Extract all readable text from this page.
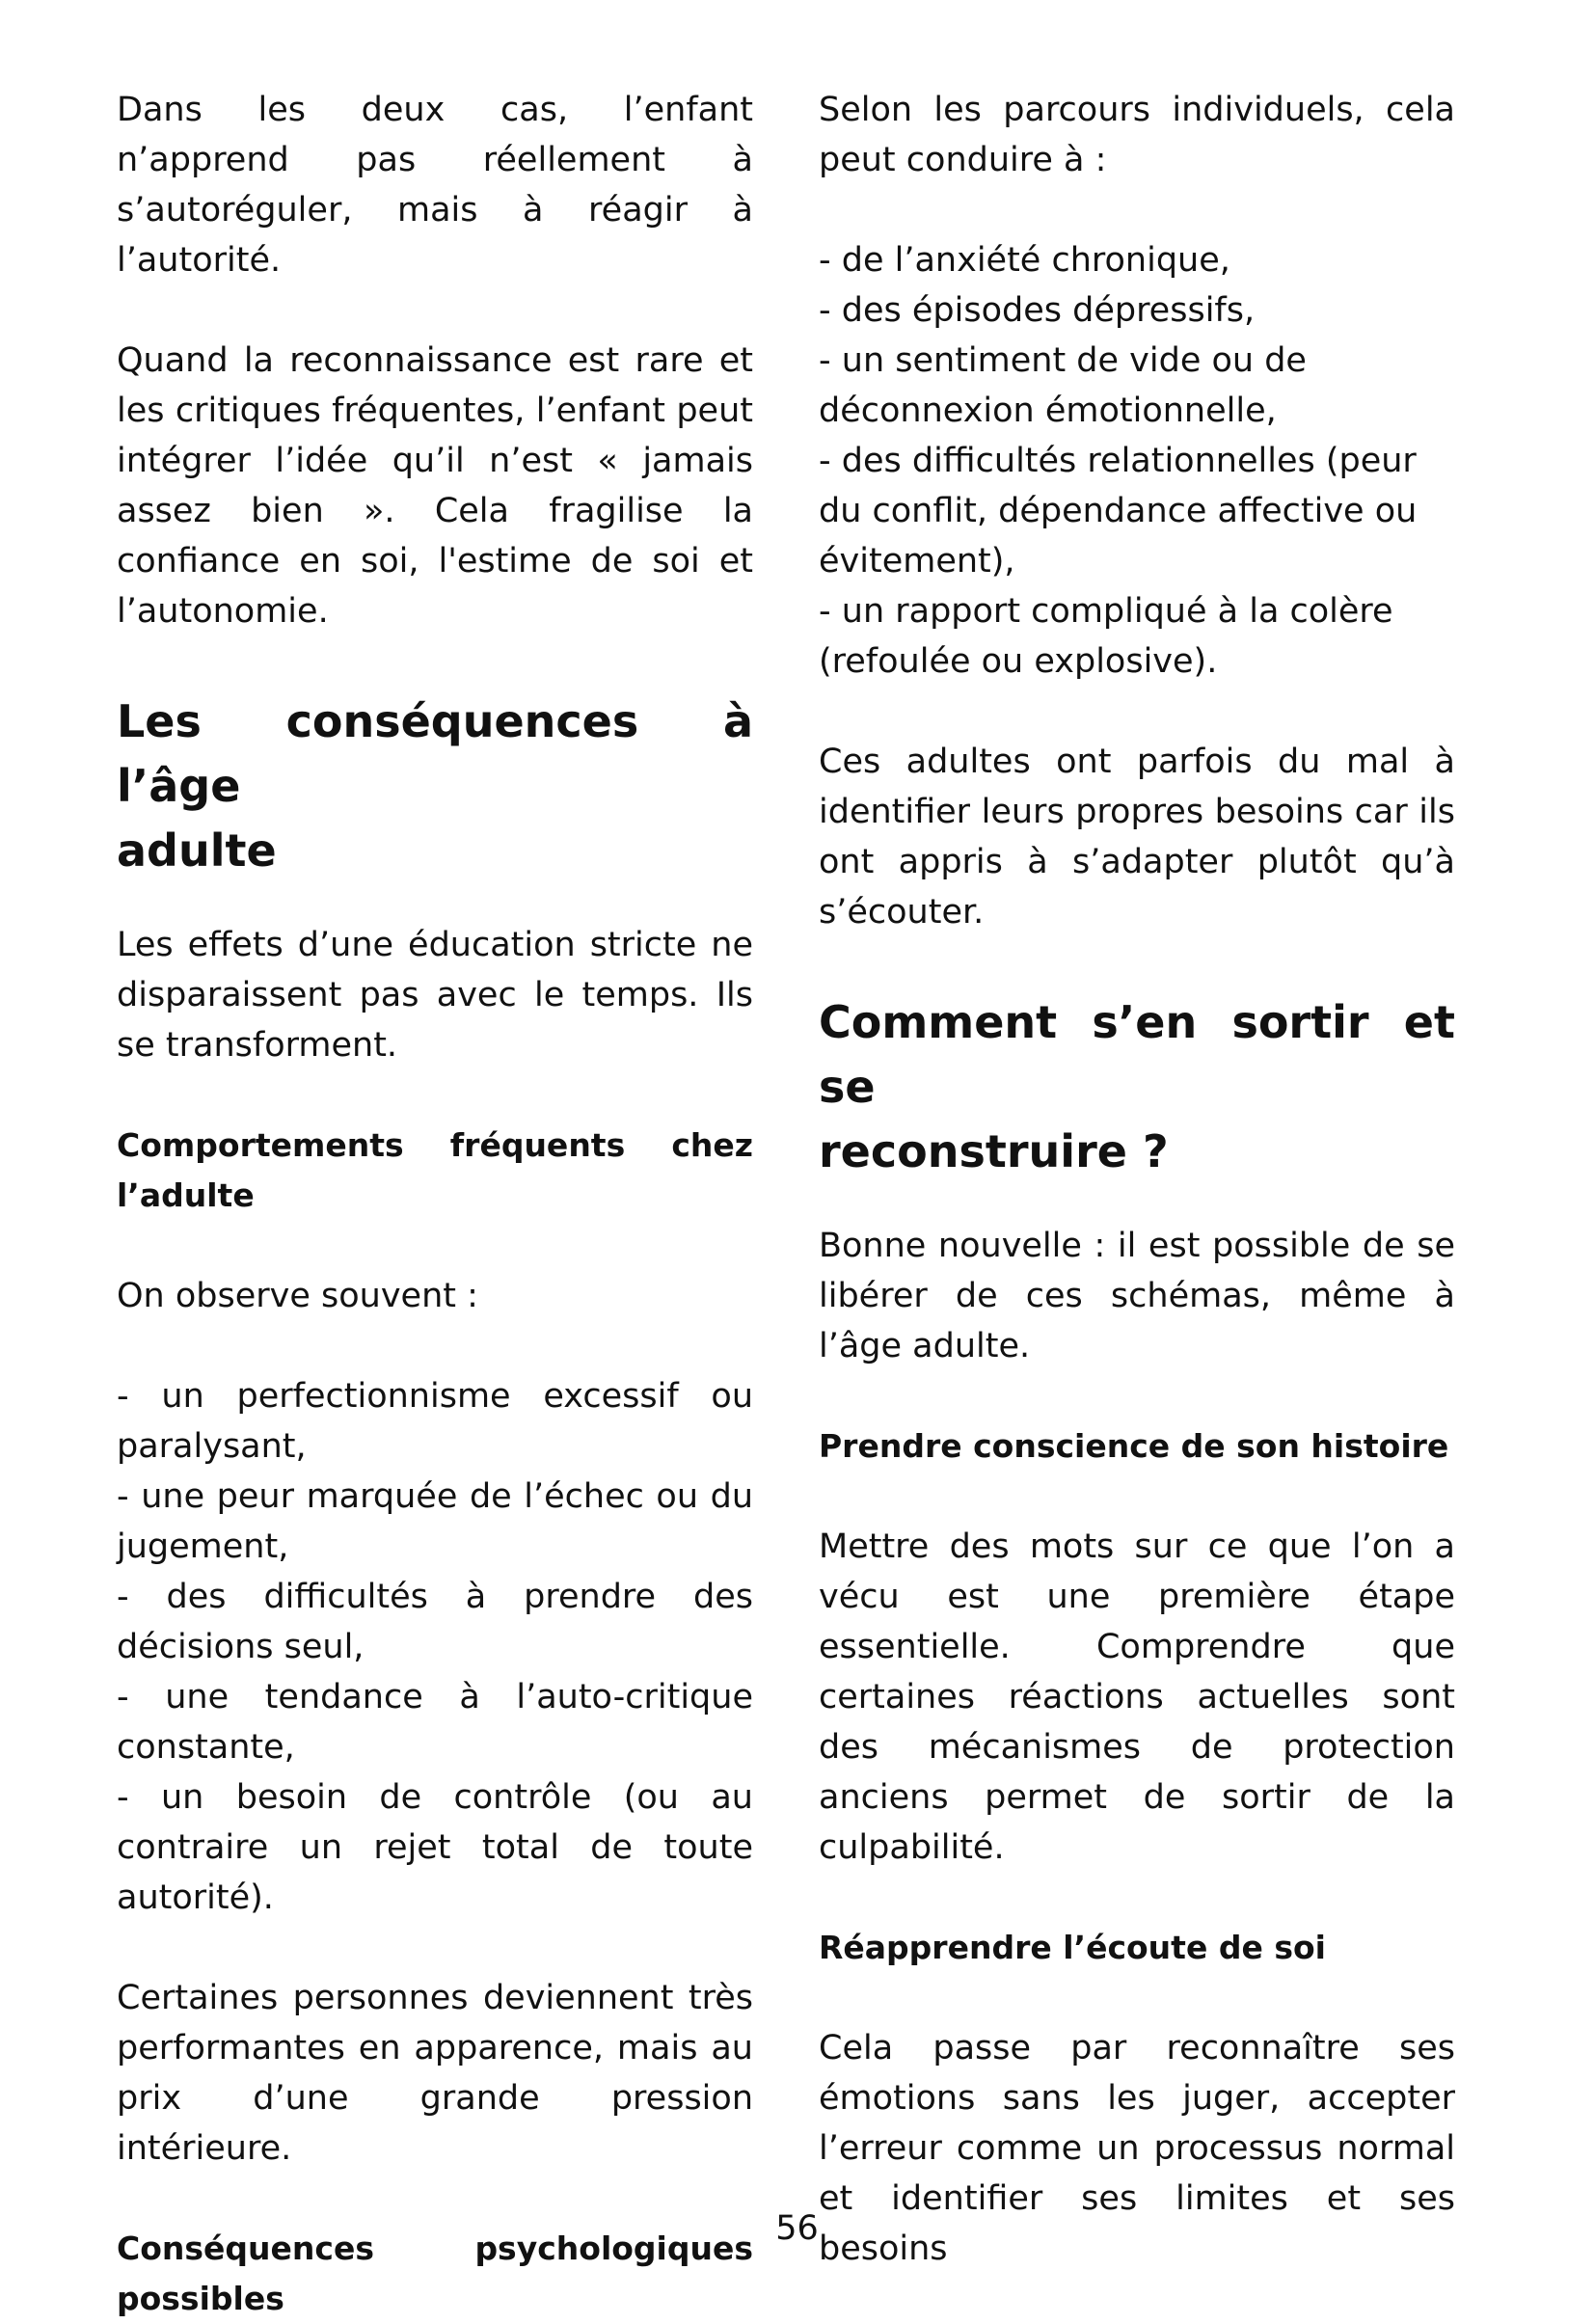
Dans les deux cas, l’enfant n’apprend pas réellement à s’autoréguler, mais à réagir à l’autorité.

Quand la reconnaissance est rare et les critiques fréquentes, l’enfant peut intégrer l’idée qu’il n’est « jamais assez bien ». Cela fragilise la confiance en soi, l'estime de soi et l’autonomie.

Les conséquences à l’âge
adulte

Les effets d’une éducation stricte ne disparaissent pas avec le temps. Ils se transforment.

Comportements fréquents chez
l’adulte

On observe souvent :

- un perfectionnisme excessif ou paralysant,

- une peur marquée de l’échec ou du jugement,

- des difficultés à prendre des décisions seul,

- une tendance à l’auto-critique constante,

- un besoin de contrôle (ou au contraire un rejet total de toute autorité).

Certaines personnes deviennent très performantes en apparence, mais au prix d’une grande pression intérieure.

Conséquences psychologiques
possibles

Selon les parcours individuels, cela peut conduire à :

- de l’anxiété chronique,

- des épisodes dépressifs,

- un sentiment de vide ou de déconnexion émotionnelle,

- des difficultés relationnelles (peur du conflit, dépendance affective ou évitement),

- un rapport compliqué à la colère (refoulée ou explosive).

Ces adultes ont parfois du mal à identifier leurs propres besoins car ils ont appris à s’adapter plutôt qu’à s’écouter.

Comment s’en sortir et se
reconstruire ?

Bonne nouvelle : il est possible de se libérer de ces schémas, même à l’âge adulte.

Prendre conscience de son histoire

Mettre des mots sur ce que l’on a vécu est une première étape essentielle. Comprendre que certaines réactions actuelles sont des mécanismes de protection anciens permet de sortir de la culpabilité.

Réapprendre l’écoute de soi

Cela passe par reconnaître ses émotions sans les juger, accepter l’erreur comme un processus normal et identifier ses limites et ses besoins

56
